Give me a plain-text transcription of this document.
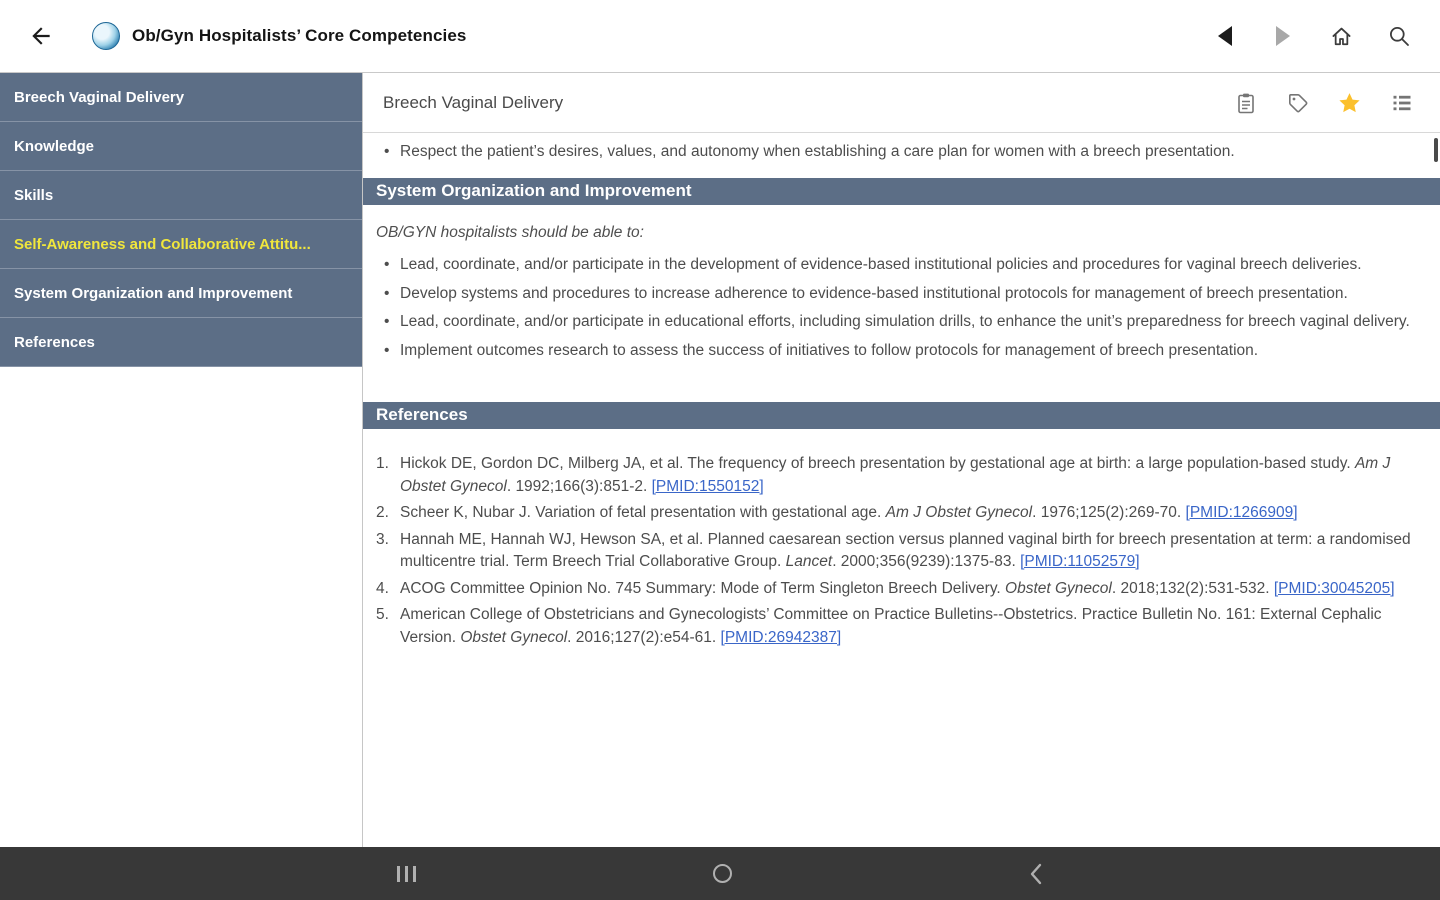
Ob/Gyn Hospitalists’ Core Competencies
Breech Vaginal Delivery
Knowledge
Skills
Self-Awareness and Collaborative Attitu...
System Organization and Improvement
References
Breech Vaginal Delivery
• Respect the patient’s desires, values, and autonomy when establishing a care plan for women with a breech presentation.
System Organization and Improvement
OB/GYN hospitalists should be able to:
• Lead, coordinate, and/or participate in the development of evidence-based institutional policies and procedures for vaginal breech deliveries.
• Develop systems and procedures to increase adherence to evidence-based institutional protocols for management of breech presentation.
• Lead, coordinate, and/or participate in educational efforts, including simulation drills, to enhance the unit’s preparedness for breech vaginal delivery.
• Implement outcomes research to assess the success of initiatives to follow protocols for management of breech presentation.
References
1. Hickok DE, Gordon DC, Milberg JA, et al. The frequency of breech presentation by gestational age at birth: a large population-based study. Am J Obstet Gynecol. 1992;166(3):851-2. [PMID:1550152]
2. Scheer K, Nubar J. Variation of fetal presentation with gestational age. Am J Obstet Gynecol. 1976;125(2):269-70. [PMID:1266909]
3. Hannah ME, Hannah WJ, Hewson SA, et al. Planned caesarean section versus planned vaginal birth for breech presentation at term: a randomised multicentre trial. Term Breech Trial Collaborative Group. Lancet. 2000;356(9239):1375-83. [PMID:11052579]
4. ACOG Committee Opinion No. 745 Summary: Mode of Term Singleton Breech Delivery. Obstet Gynecol. 2018;132(2):531-532. [PMID:30045205]
5. American College of Obstetricians and Gynecologists’ Committee on Practice Bulletins--Obstetrics. Practice Bulletin No. 161: External Cephalic Version. Obstet Gynecol. 2016;127(2):e54-61. [PMID:26942387]
